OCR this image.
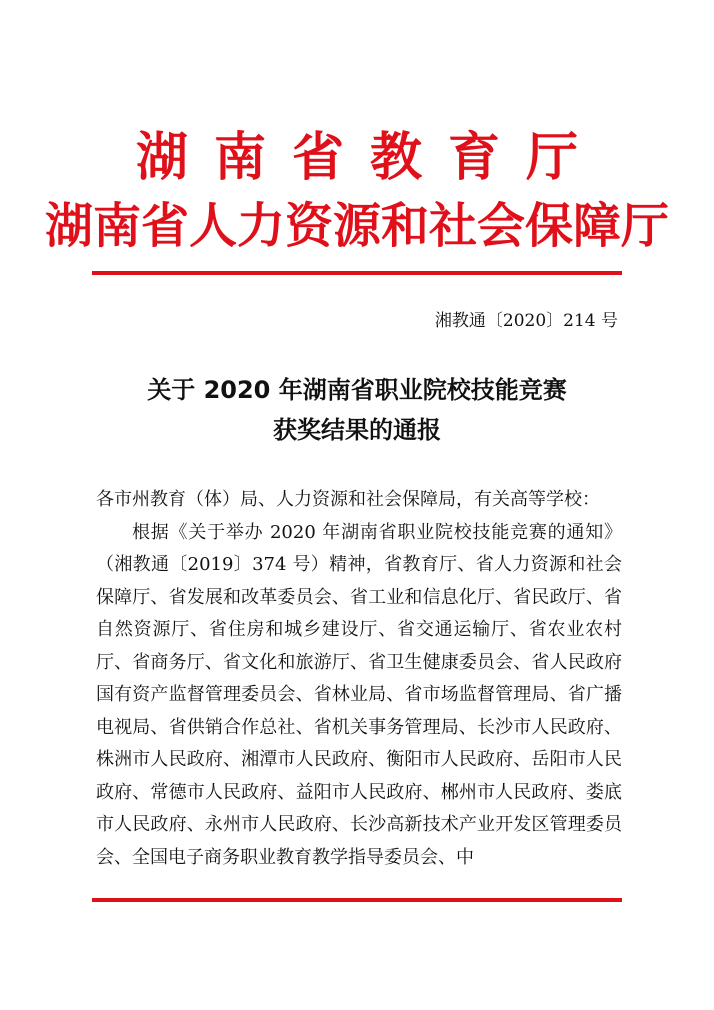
湖南省教育厅
湖南省人力资源和社会保障厅
湘教通〔2020〕214 号
关于 2020 年湖南省职业院校技能竞赛
获奖结果的通报

各市州教育（体）局、人力资源和社会保障局，有关高等学校：

根据《关于举办 2020 年湖南省职业院校技能竞赛的通知》（湘教通〔2019〕374 号）精神，省教育厅、省人力资源和社会保障厅、省发展和改革委员会、省工业和信息化厅、省民政厅、省自然资源厅、省住房和城乡建设厅、省交通运输厅、省农业农村厅、省商务厅、省文化和旅游厅、省卫生健康委员会、省人民政府国有资产监督管理委员会、省林业局、省市场监督管理局、省广播电视局、省供销合作总社、省机关事务管理局、长沙市人民政府、株洲市人民政府、湘潭市人民政府、衡阳市人民政府、岳阳市人民政府、常德市人民政府、益阳市人民政府、郴州市人民政府、娄底市人民政府、永州市人民政府、长沙高新技术产业开发区管理委员会、全国电子商务职业教育教学指导委员会、中
